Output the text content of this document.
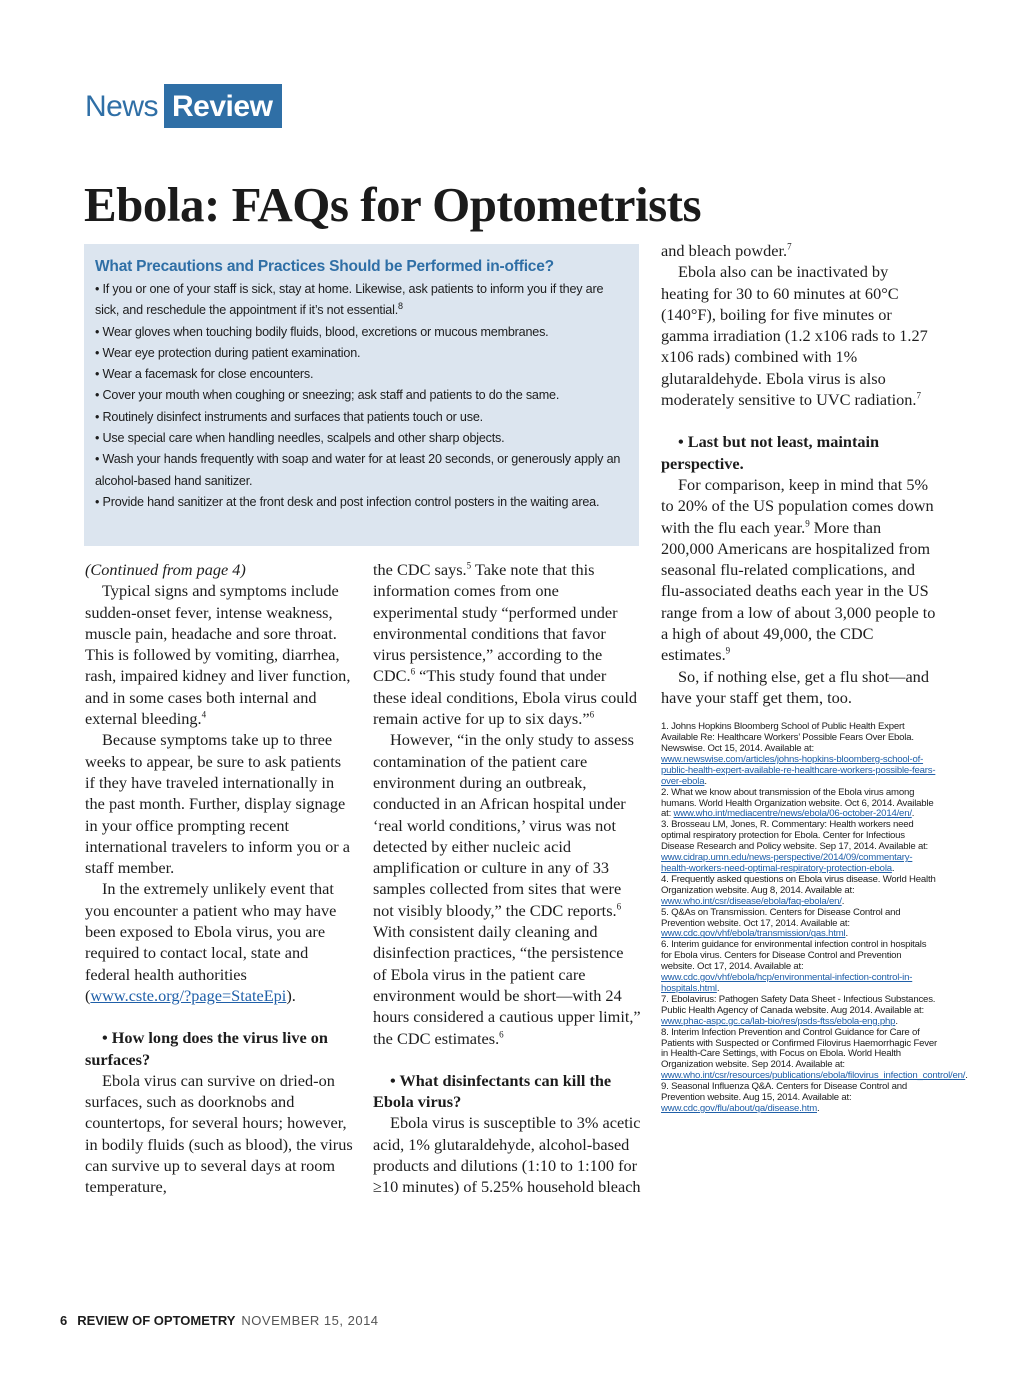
News Review
Ebola: FAQs for Optometrists
What Precautions and Practices Should be Performed in-office?
• If you or one of your staff is sick, stay at home. Likewise, ask patients to inform you if they are sick, and reschedule the appointment if it’s not essential.$^8$
• Wear gloves when touching bodily fluids, blood, excretions or mucous membranes.
• Wear eye protection during patient examination.
• Wear a facemask for close encounters.
• Cover your mouth when coughing or sneezing; ask staff and patients to do the same.
• Routinely disinfect instruments and surfaces that patients touch or use.
• Use special care when handling needles, scalpels and other sharp objects.
• Wash your hands frequently with soap and water for at least 20 seconds, or generously apply an alcohol-based hand sanitizer.
• Provide hand sanitizer at the front desk and post infection control posters in the waiting area.

(Continued from page 4)

Typical signs and symptoms include sudden-onset fever, intense weakness, muscle pain, headache and sore throat. This is followed by vomiting, diarrhea, rash, impaired kidney and liver function, and in some cases both internal and external bleeding.$^4$

Because symptoms take up to three weeks to appear, be sure to ask patients if they have traveled internationally in the past month. Further, display signage in your office prompting recent international travelers to inform you or a staff member.

In the extremely unlikely event that you encounter a patient who may have been exposed to Ebola virus, you are required to contact local, state and federal health authorities (www.cste.org/?page=StateEpi).

• How long does the virus live on surfaces?

Ebola virus can survive on dried-on surfaces, such as doorknobs and countertops, for several hours; however, in bodily fluids (such as blood), the virus can survive up to several days at room temperature,

the CDC says.$^5$ Take note that this information comes from one experimental study “performed under environmental conditions that favor virus persistence,” according to the CDC.$^6$ “This study found that under these ideal conditions, Ebola virus could remain active for up to six days.”$^6$

However, “in the only study to assess contamination of the patient care environment during an outbreak, conducted in an African hospital under ‘real world conditions,’ virus was not detected by either nucleic acid amplification or culture in any of 33 samples collected from sites that were not visibly bloody,” the CDC reports.$^6$ With consistent daily cleaning and disinfection practices, “the persistence of Ebola virus in the patient care environment would be short—with 24 hours considered a cautious upper limit,” the CDC estimates.$^6$

• What disinfectants can kill the Ebola virus?

Ebola virus is susceptible to 3% acetic acid, 1% glutaraldehyde, alcohol-based products and dilutions (1:10 to 1:100 for ≥10 minutes) of 5.25% household bleach

and bleach powder.$^7$

Ebola also can be inactivated by heating for 30 to 60 minutes at 60°C (140°F), boiling for five minutes or gamma irradiation (1.2 x106 rads to 1.27 x106 rads) combined with 1% glutaraldehyde. Ebola virus is also moderately sensitive to UVC radiation.$^7$

• Last but not least, maintain perspective.

For comparison, keep in mind that 5% to 20% of the US population comes down with the flu each year.$^9$ More than 200,000 Americans are hospitalized from seasonal flu-related complications, and flu-associated deaths each year in the US range from a low of about 3,000 people to a high of about 49,000, the CDC estimates.$^9$

So, if nothing else, get a flu shot—and have your staff get them, too.

1. Johns Hopkins Bloomberg School of Public Health Expert Available Re: Healthcare Workers’ Possible Fears Over Ebola. Newswise. Oct 15, 2014. Available at: www.newswise.com/articles/johns-hopkins-bloomberg-school-of-public-health-expert-available-re-healthcare-workers-possible-fears-over-ebola.
2. What we know about transmission of the Ebola virus among humans. World Health Organization website. Oct 6, 2014. Available at: www.who.int/mediacentre/news/ebola/06-october-2014/en/.
3. Brosseau LM, Jones, R. Commentary: Health workers need optimal respiratory protection for Ebola. Center for Infectious Disease Research and Policy website. Sep 17, 2014. Available at: www.cidrap.umn.edu/news-perspective/2014/09/commentary-health-workers-need-optimal-respiratory-protection-ebola.
4. Frequently asked questions on Ebola virus disease. World Health Organization website. Aug 8, 2014. Available at: www.who.int/csr/disease/ebola/faq-ebola/en/.
5. Q&As on Transmission. Centers for Disease Control and Prevention website. Oct 17, 2014. Available at: www.cdc.gov/vhf/ebola/transmission/qas.html.
6. Interim guidance for environmental infection control in hospitals for Ebola virus. Centers for Disease Control and Prevention website. Oct 17, 2014. Available at: www.cdc.gov/vhf/ebola/hcp/environmental-infection-control-in-hospitals.html.
7. Ebolavirus: Pathogen Safety Data Sheet - Infectious Substances. Public Health Agency of Canada website. Aug 2014. Available at: www.phac-aspc.gc.ca/lab-bio/res/psds-ftss/ebola-eng.php.
8. Interim Infection Prevention and Control Guidance for Care of Patients with Suspected or Confirmed Filovirus Haemorrhagic Fever in Health-Care Settings, with Focus on Ebola. World Health Organization website. Sep 2014. Available at: www.who.int/csr/resources/publications/ebola/filovirus_infection_control/en/.
9. Seasonal Influenza Q&A. Centers for Disease Control and Prevention website. Aug 15, 2014. Available at: www.cdc.gov/flu/about/qa/disease.htm.
6 REVIEW OF OPTOMETRY NOVEMBER 15, 2014
